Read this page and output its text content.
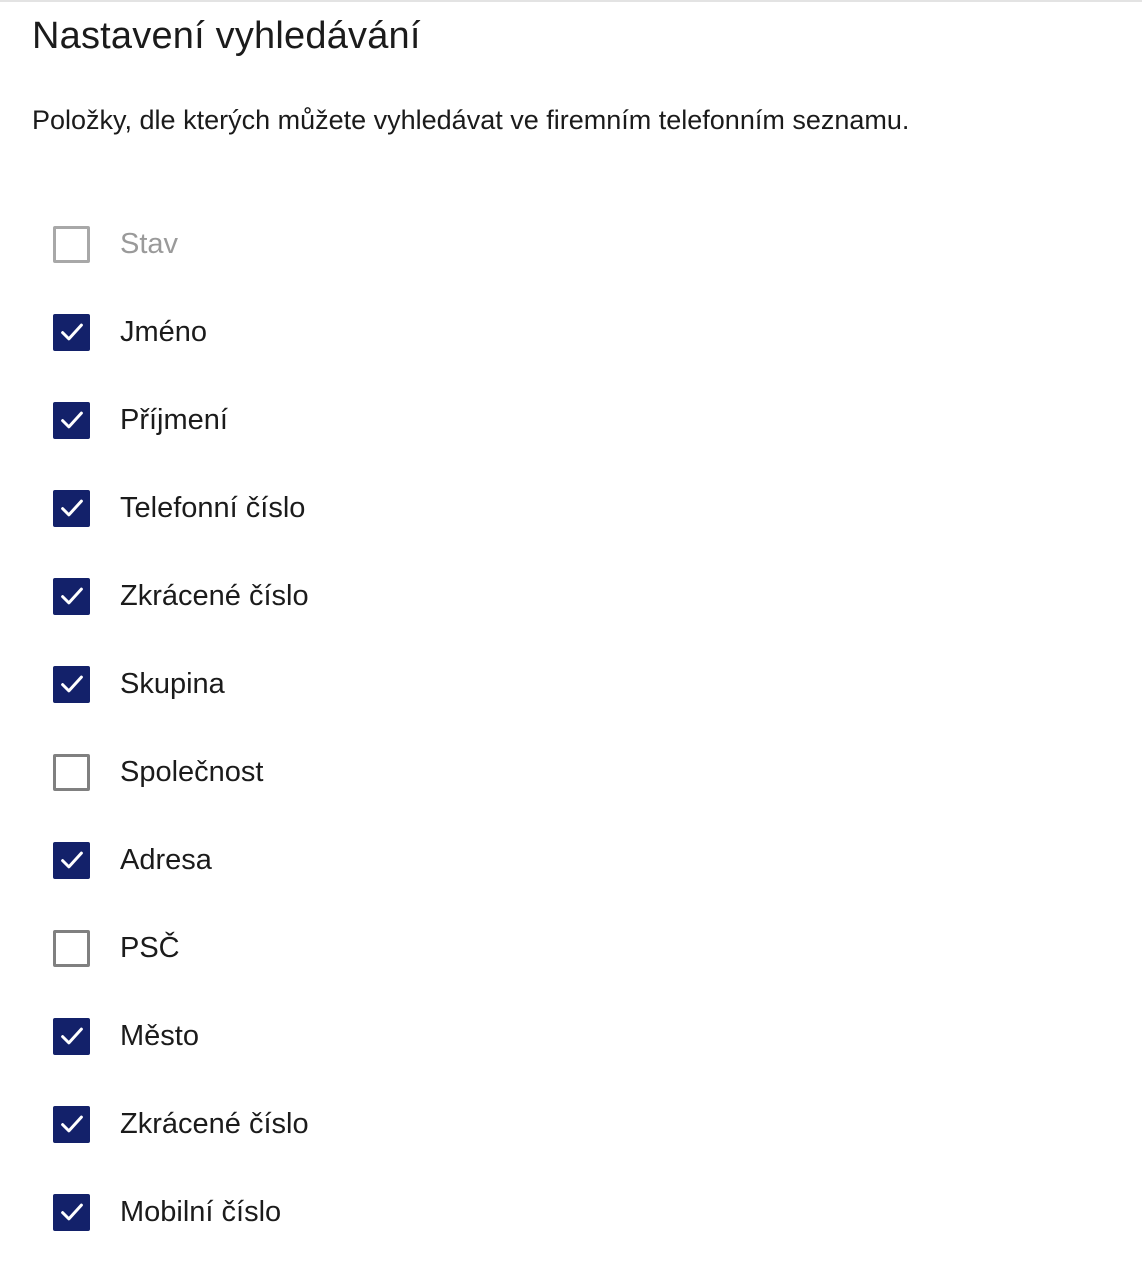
Nastavení vyhledávání

Položky, dle kterých můžete vyhledávat ve firemním telefonním seznamu.

Stav
Jméno
Příjmení
Telefonní číslo
Zkrácené číslo
Skupina
Společnost
Adresa
PSČ
Město
Zkrácené číslo
Mobilní číslo
